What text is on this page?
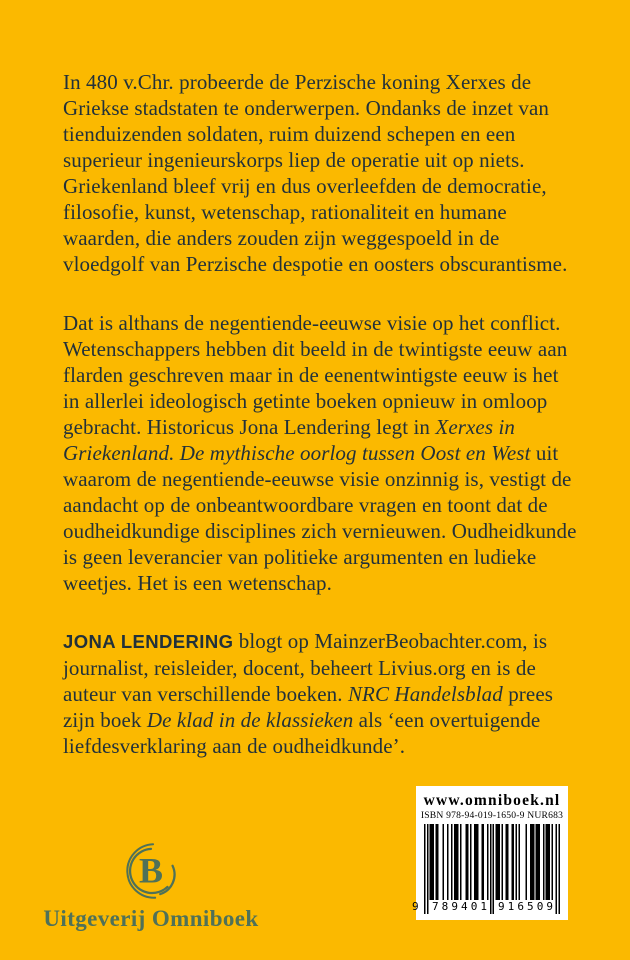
In 480 v.Chr. probeerde de Perzische koning Xerxes de Griekse stadstaten te onderwerpen. Ondanks de inzet van tienduizenden soldaten, ruim duizend schepen en een superieur ingenieurskorps liep de operatie uit op niets. Griekenland bleef vrij en dus overleefden de democratie, filosofie, kunst, wetenschap, rationaliteit en humane waarden, die anders zouden zijn weggespoeld in de vloedgolf van Perzische despotie en oosters obscurantisme.

Dat is althans de negentiende-eeuwse visie op het conflict. Wetenschappers hebben dit beeld in de twintigste eeuw aan flarden geschreven maar in de eenentwintigste eeuw is het in allerlei ideologisch getinte boeken opnieuw in omloop gebracht. Historicus Jona Lendering legt in Xerxes in Griekenland. De mythische oorlog tussen Oost en West uit waarom de negentiende-eeuwse visie onzinnig is, vestigt de aandacht op de onbeantwoordbare vragen en toont dat de oudheidkundige disciplines zich vernieuwen. Oudheidkunde is geen leverancier van politieke argumenten en ludieke weetjes. Het is een wetenschap.

JONA LENDERING blogt op MainzerBeobachter.com, is journalist, reisleider, docent, beheert Livius.org en is de auteur van verschillende boeken. NRC Handelsblad prees zijn boek De klad in de klassieken als ‘een overtuigende liefdesverklaring aan de oudheidkunde’.

www.omniboek.nl
ISBN 978-94-019-1650-9 NUR683
9 7 8 9 4 0 1 9 1 6 5 0 9
B
Uitgeverij Omniboek
